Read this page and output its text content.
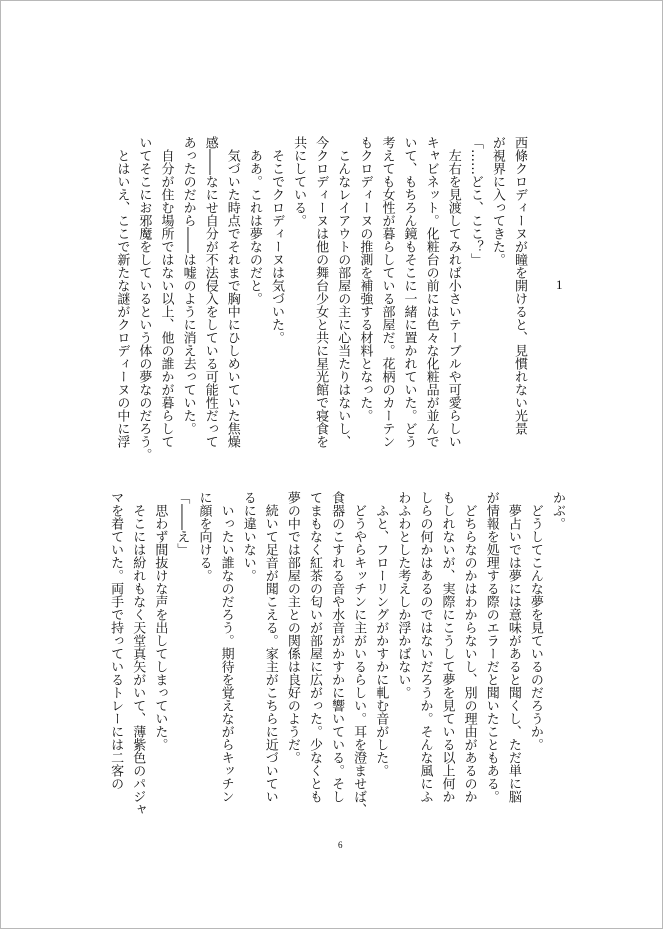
1

西條クロディーヌが瞳を開けると、見慣れない光景

が視界に入ってきた。

「……どこ、ここ？」

　左右を見渡してみれば小さいテーブルや可愛らしい

キャビネット。化粧台の前には色々な化粧品が並んで

いて、もちろん鏡もそこに一緒に置かれていた。どう

考えても女性が暮らしている部屋だ。花柄のカーテン

もクロディーヌの推測を補強する材料となった。

　こんなレイアウトの部屋の主に心当たりはないし、

今クロディーヌは他の舞台少女と共に星光館で寝食を

共にしている。

　そこでクロディーヌは気づいた。

　ああ。これは夢なのだと。

　気づいた時点でそれまで胸中にひしめいていた焦燥

感――なにせ自分が不法侵入をしている可能性だって

あったのだから――は嘘のように消え去っていた。

　自分が住む場所ではない以上、他の誰かが暮らして

いてそこにお邪魔をしているという体の夢なのだろう。

　とはいえ、ここで新たな謎がクロディーヌの中に浮

かぶ。

　どうしてこんな夢を見ているのだろうか。

　夢占いでは夢には意味があると聞くし、ただ単に脳

が情報を処理する際のエラーだと聞いたこともある。

　どちらなのかはわからないし、別の理由があるのか

もしれないが、実際にこうして夢を見ている以上何か

しらの何かはあるのではないだろうか。そんな風にふ

わふわとした考えしか浮かばない。

　ふと、フローリングがかすかに軋む音がした。

　どうやらキッチンに主がいるらしい。耳を澄ませば、

食器のこすれる音や水音がかすかに響いている。そし

てまもなく紅茶の匂いが部屋に広がった。少なくとも

夢の中では部屋の主との関係は良好のようだ。

　続いて足音が聞こえる。家主がこちらに近づいてい

るに違いない。

　いったい誰なのだろう。期待を覚えながらキッチン

に顔を向ける。

「――え」

　思わず間抜けな声を出してしまっていた。

　そこには紛れもなく天堂真矢がいて、薄紫色のパジャ

マを着ていた。両手で持っているトレーには二客の

6
